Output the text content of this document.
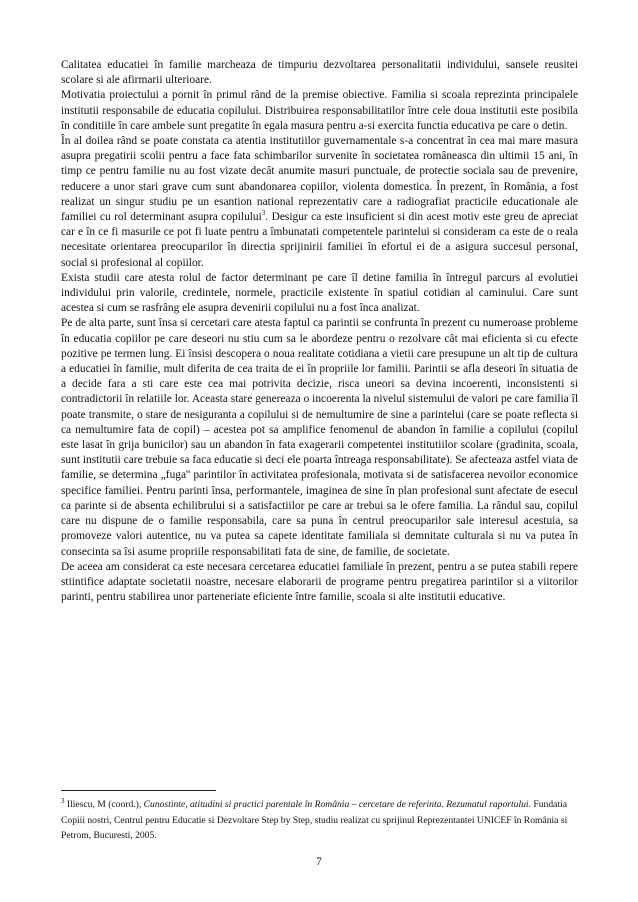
Calitatea educatiei în familie marcheaza de timpuriu dezvoltarea personalitatii individului, sansele reusitei scolare si ale afirmarii ulterioare.

Motivatia proiectului a pornit în primul rând de la premise obiective. Familia si scoala reprezinta principalele institutii responsabile de educatia copilului. Distribuirea responsabilitatilor între cele doua institutii este posibila în conditiile în care ambele sunt pregatite în egala masura pentru a-si exercita functia educativa pe care o detin.

În al doilea rând se poate constata ca atentia institutiilor guvernamentale s-a concentrat în cea mai mare masura asupra pregatirii scolii pentru a face fata schimbarilor survenite în societatea româneasca din ultimii 15 ani, în timp ce pentru familie nu au fost vizate decât anumite masuri punctuale, de protectie sociala sau de prevenire, reducere a unor stari grave cum sunt abandonarea copiilor, violenta domestica. În prezent, în România, a fost realizat un singur studiu pe un esantion national reprezentativ care a radiografiat practicile educationale ale familiei cu rol determinant asupra copilului$^3$. Desigur ca este insuficient si din acest motiv este greu de apreciat car e în ce fi masurile ce pot fi luate pentru a îmbunatati competentele parintelui si consideram ca este de o reala necesitate orientarea preocuparilor în directia sprijinirii familiei în efortul ei de a asigura succesul personal, social si profesional al copiilor.

Exista studii care atesta rolul de factor determinant pe care îl detine familia în întregul parcurs al evolutiei individului prin valorile, credintele, normele, practicile existente în spatiul cotidian al caminului. Care sunt acestea si cum se rasfrâng ele asupra devenirii copilului nu a fost înca analizat.

Pe de alta parte, sunt însa si cercetari care atesta faptul ca parintii se confrunta în prezent cu numeroase probleme în educatia copiilor pe care deseori nu stiu cum sa le abordeze pentru o rezolvare cât mai eficienta si cu efecte pozitive pe termen lung. Ei însisi descopera o noua realitate cotidiana a vietii care presupune un alt tip de cultura a educatiei în familie, mult diferita de cea traita de ei în propriile lor familii. Parintii se afla deseori în situatia de a decide fara a sti care este cea mai potrivita decizie, risca uneori sa devina incoerenti, inconsistenti si contradictorii în relatiile lor. Aceasta stare genereaza o incoerenta la nivelul sistemului de valori pe care familia îl poate transmite, o stare de nesiguranta a copilului si de nemultumire de sine a parintelui (care se poate reflecta si ca nemultumire fata de copil) – acestea pot sa amplifice fenomenul de abandon în familie a copilului (copilul este lasat în grija bunicilor) sau un abandon în fata exagerarii competentei institutiilor scolare (gradinita, scoala, sunt institutii care trebuie sa faca educatie si deci ele poarta întreaga responsabilitate). Se afecteaza astfel viata de familie, se determina „fuga'' parintilor în activitatea profesionala, motivata si de satisfacerea nevoilor economice specifice familiei. Pentru parinti însa, performantele, imaginea de sine în plan profesional sunt afectate de esecul ca parinte si de absenta echilibrului si a satisfactiilor pe care ar trebui sa le ofere familia. La rândul sau, copilul care nu dispune de o familie responsabila, care sa puna în centrul preocuparilor sale interesul acestuia, sa promoveze valori autentice, nu va putea sa capete identitate familiala si demnitate culturala si nu va putea în consecinta sa îsi asume propriile responsabilitati fata de sine, de familie, de societate.

De aceea am considerat ca este necesara cercetarea educatiei familiale în prezent, pentru a se putea stabili repere stiintifice adaptate societatii noastre, necesare elaborarii de programe pentru pregatirea parintilor si a viitorilor parinti, pentru stabilirea unor parteneriate eficiente între familie, scoala si alte institutii educative.

$^3$ Iliescu, M (coord.), Cunostinte, atitudini si practici parentale în România – cercetare de referinta. Rezumatul raportului. Fundatia Copiii nostri, Centrul pentru Educatie si Dezvoltare Step by Step, studiu realizat cu sprijinul Reprezentantei UNICEF în România si Petrom, Bucuresti, 2005.
7
